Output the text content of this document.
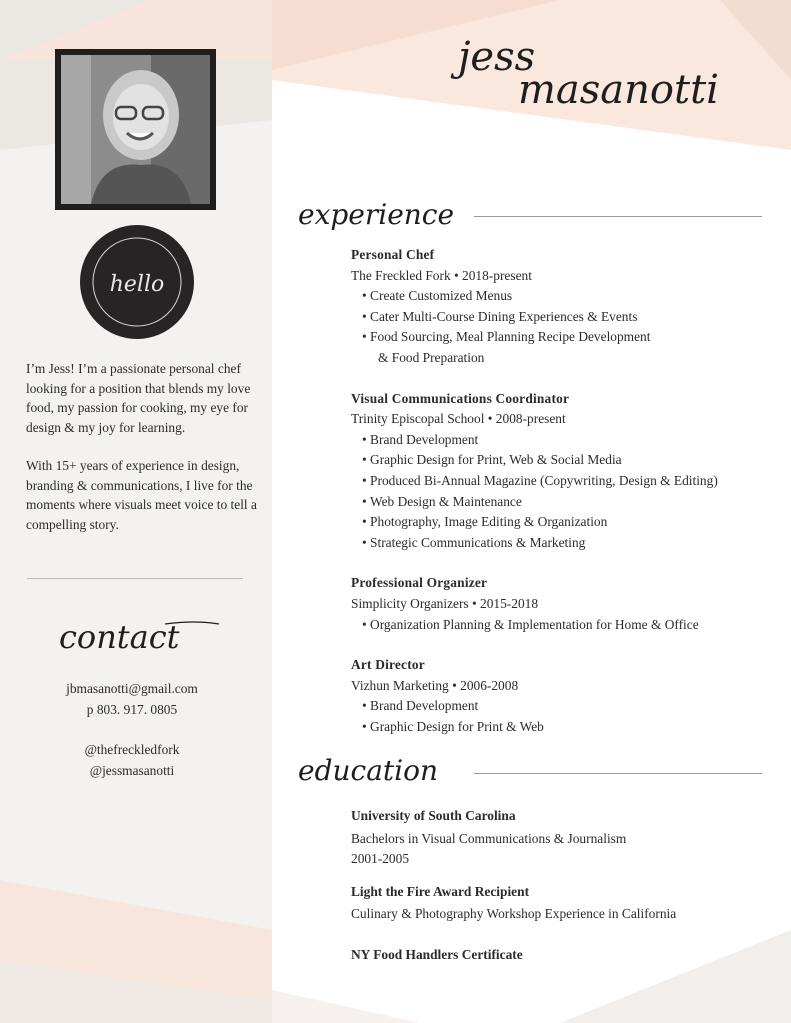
jess
masanotti
hello

I’m Jess! I’m a passionate personal chef looking for a position that blends my love food, my passion for cooking, my eye for design & my joy for learning.

With 15+ years of experience in design, branding & communications, I live for the moments where visuals meet voice to tell a compelling story.

contact
jbmasanotti@gmail.com
p 803. 917. 0805
@thefreckledfork
@jessmasanotti
experience
Personal Chef
The Freckled Fork • 2018-present
• Create Customized Menus
• Cater Multi-Course Dining Experiences & Events
• Food Sourcing, Meal Planning Recipe Development
& Food Preparation
Visual Communications Coordinator
Trinity Episcopal School • 2008-present
• Brand Development
• Graphic Design for Print, Web & Social Media
• Produced Bi-Annual Magazine (Copywriting, Design & Editing)
• Web Design & Maintenance
• Photography, Image Editing & Organization
• Strategic Communications & Marketing
Professional Organizer
Simplicity Organizers • 2015-2018
• Organization Planning & Implementation for Home & Office
Art Director
Vizhun Marketing • 2006-2008
• Brand Development
• Graphic Design for Print & Web
education
University of South Carolina
Bachelors in Visual Communications & Journalism
2001-2005
Light the Fire Award Recipient
Culinary & Photography Workshop Experience in California
NY Food Handlers Certificate
